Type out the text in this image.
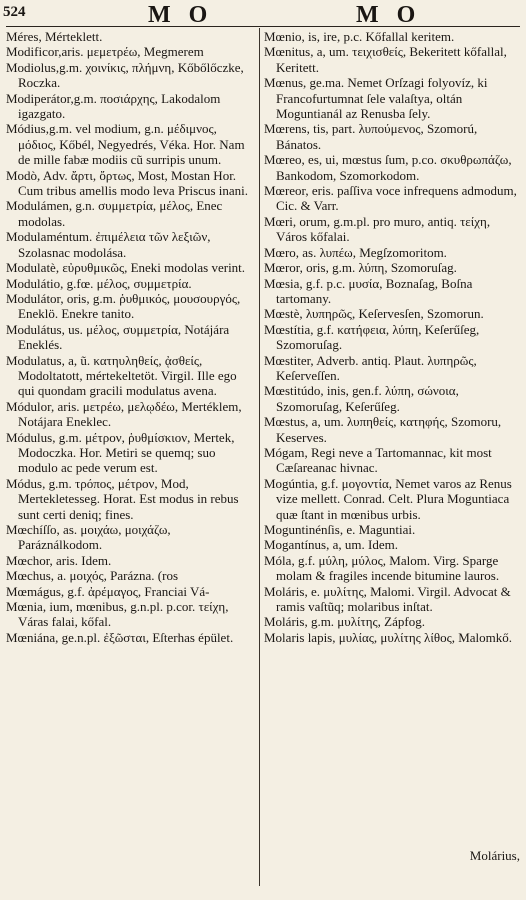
524	M O	M O

Méres, Mérteklett.

Modificor,aris. μεμετρέω, Megmerem

Modiolus,g.m. χοινίκις, πλήμνη, Kőbőlőczke, Roczka.

Modiperátor,g.m. ποσιάρχης, Lakodalom igazgato.

Módius,g.m. vel modium, g.n. μέδιμνος, μόδιος, Kőbél, Negyedrés, Véka. Hor. Nam de mille fabæ modiis cũ surripis unum.

Modò, Adv. ἄρτι, ὄρτως, Most, Mostan Hor. Cum tribus amellis modo leva Priscus inani.

Modulámen, g.n. συμμετρία, μέλος, Enec modolas.

Modulaméntum. ἐπιμέλεια τῶν λεξιῶν, Szolasnac modolása.

Modulatè, εὐρυθμικῶς, Eneki modolas verint.

Modulátio, g.fœ. μέλος, συμμετρία.

Modulátor, oris, g.m. ῥυθμικός, μουσουργός, Eneklö. Enekre tanito.

Modulátus, us. μέλος, συμμετρία, Notájára Eneklés.

Modulatus, a, ũ. κατηυληθείς, ᾀσθείς, Modoltatott, mértekeltetöt. Virgil. Ille ego qui quondam gracili modulatus avena.

Módulor, aris. μετρέω, μελῳδέω, Mertéklem, Notájara Eneklec.

Módulus, g.m. μέτρον, ῥυθμίσκιον, Mertek, Modoczka. Hor. Metiri se quemq; suo modulo ac pede verum est.

Módus, g.m. τρόπος, μέτρον, Mod, Mertekletesseg. Horat. Est modus in rebus sunt certi deniq; fines.

Mœchíſſo, as. μοιχάω, μοιχάζω, Paráználkodom.

Mœchor, aris. Idem.

Mœchus, a. μοιχός, Parázna. (ros

Mœmágus, g.f. ἀρέμαγος, Franciai Vá-

Mœnia, ium, mœnibus, g.n.pl. p.cor. τείχη, Váras falai, kőfal.

Mœniána, ge.n.pl. ἐξῶσται, Eſterhas épület.

Mœnio, is, ire, p.c. Kőfallal keritem.

Mœnitus, a, um. τειχισθείς, Bekeritett kőfallal, Keritett.

Mœnus, ge.ma. Nemet Orſzagi folyovíz, ki Francofurtumnat ſele valaſtya, oltán Moguntianál az Renusba ſely.

Mœrens, tis, part. λυπούμενος, Szomorú, Bánatos.

Mœreo, es, ui, mœstus ſum, p.co. σκυθρωπάζω, Bankodom, Szomorkodom.

Mœreor, eris. paſſiva voce infrequens admodum, Cic. & Varr.

Mœri, orum, g.m.pl. pro muro, antiq. τείχη, Város kőfalai.

Mœro, as. λυπέω, Megſzomoritom.

Mœror, oris, g.m. λύπη, Szomoruſag.

Mœsia, g.f. p.c. μυσία, Boznaſag, Boſna tartomany.

Mœstè, λυπηρῶς, Keſervesſen, Szomorun.

Mœstítia, g.f. κατήφεια, λύπη, Keſerűſeg, Szomoruſag.

Mœstiter, Adverb. antiq. Plaut. λυπηρῶς, Keſerveſſen.

Mœstitúdo, inis, gen.f. λύπη, σώνοια, Szomoruſag, Keſerűſeg.

Mœstus, a, um. λυπηθείς, κατηφής, Szomoru, Keserves.

Mógam, Regi neve a Tartomannac, kit most Cæſareanac hivnac.

Mogúntia, g.f. μογοντία, Nemet varos az Renus vize mellett. Conrad. Celt. Plura Moguntiaca quæ ſtant in mœnibus urbis.

Moguntinénſis, e. Maguntiai.

Mogantínus, a, um. Idem.

Móla, g.f. μύλη, μύλος, Malom. Virg. Sparge molam & fragiles incende bitumine lauros.

Moláris, e. μυλίτης, Malomi. Virgil. Advocat & ramis vaſtũq; molaribus inſtat.

Moláris, g.m. μυλίτης, Zápfog.

Molaris lapis, μυλίας, μυλίτης λίθος, Malomkő.

Molárius,
